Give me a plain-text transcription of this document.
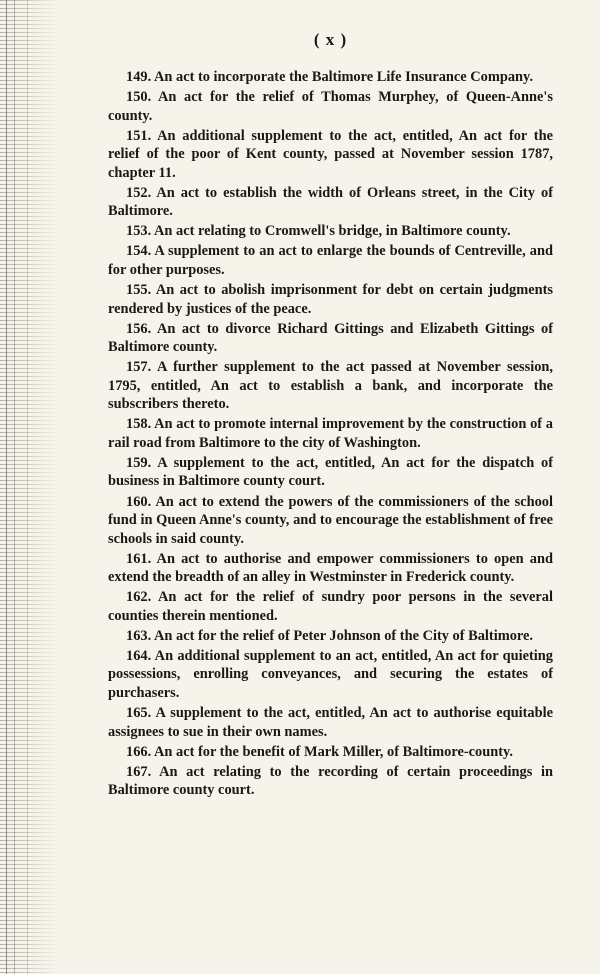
( x )

149. An act to incorporate the Baltimore Life Insurance Company.

150. An act for the relief of Thomas Murphey, of Queen-Anne's county.

151. An additional supplement to the act, entitled, An act for the relief of the poor of Kent county, passed at November session 1787, chapter 11.

152. An act to establish the width of Orleans street, in the City of Baltimore.

153. An act relating to Cromwell's bridge, in Baltimore county.

154. A supplement to an act to enlarge the bounds of Centreville, and for other purposes.

155. An act to abolish imprisonment for debt on certain judgments rendered by justices of the peace.

156. An act to divorce Richard Gittings and Elizabeth Gittings of Baltimore county.

157. A further supplement to the act passed at November session, 1795, entitled, An act to establish a bank, and incorporate the subscribers thereto.

158. An act to promote internal improvement by the construction of a rail road from Baltimore to the city of Washington.

159. A supplement to the act, entitled, An act for the dispatch of business in Baltimore county court.

160. An act to extend the powers of the commissioners of the school fund in Queen Anne's county, and to encourage the establishment of free schools in said county.

161. An act to authorise and empower commissioners to open and extend the breadth of an alley in Westminster in Frederick county.

162. An act for the relief of sundry poor persons in the several counties therein mentioned.

163. An act for the relief of Peter Johnson of the City of Baltimore.

164. An additional supplement to an act, entitled, An act for quieting possessions, enrolling conveyances, and securing the estates of purchasers.

165. A supplement to the act, entitled, An act to authorise equitable assignees to sue in their own names.

166. An act for the benefit of Mark Miller, of Baltimore-county.

167. An act relating to the recording of certain proceedings in Baltimore county court.
